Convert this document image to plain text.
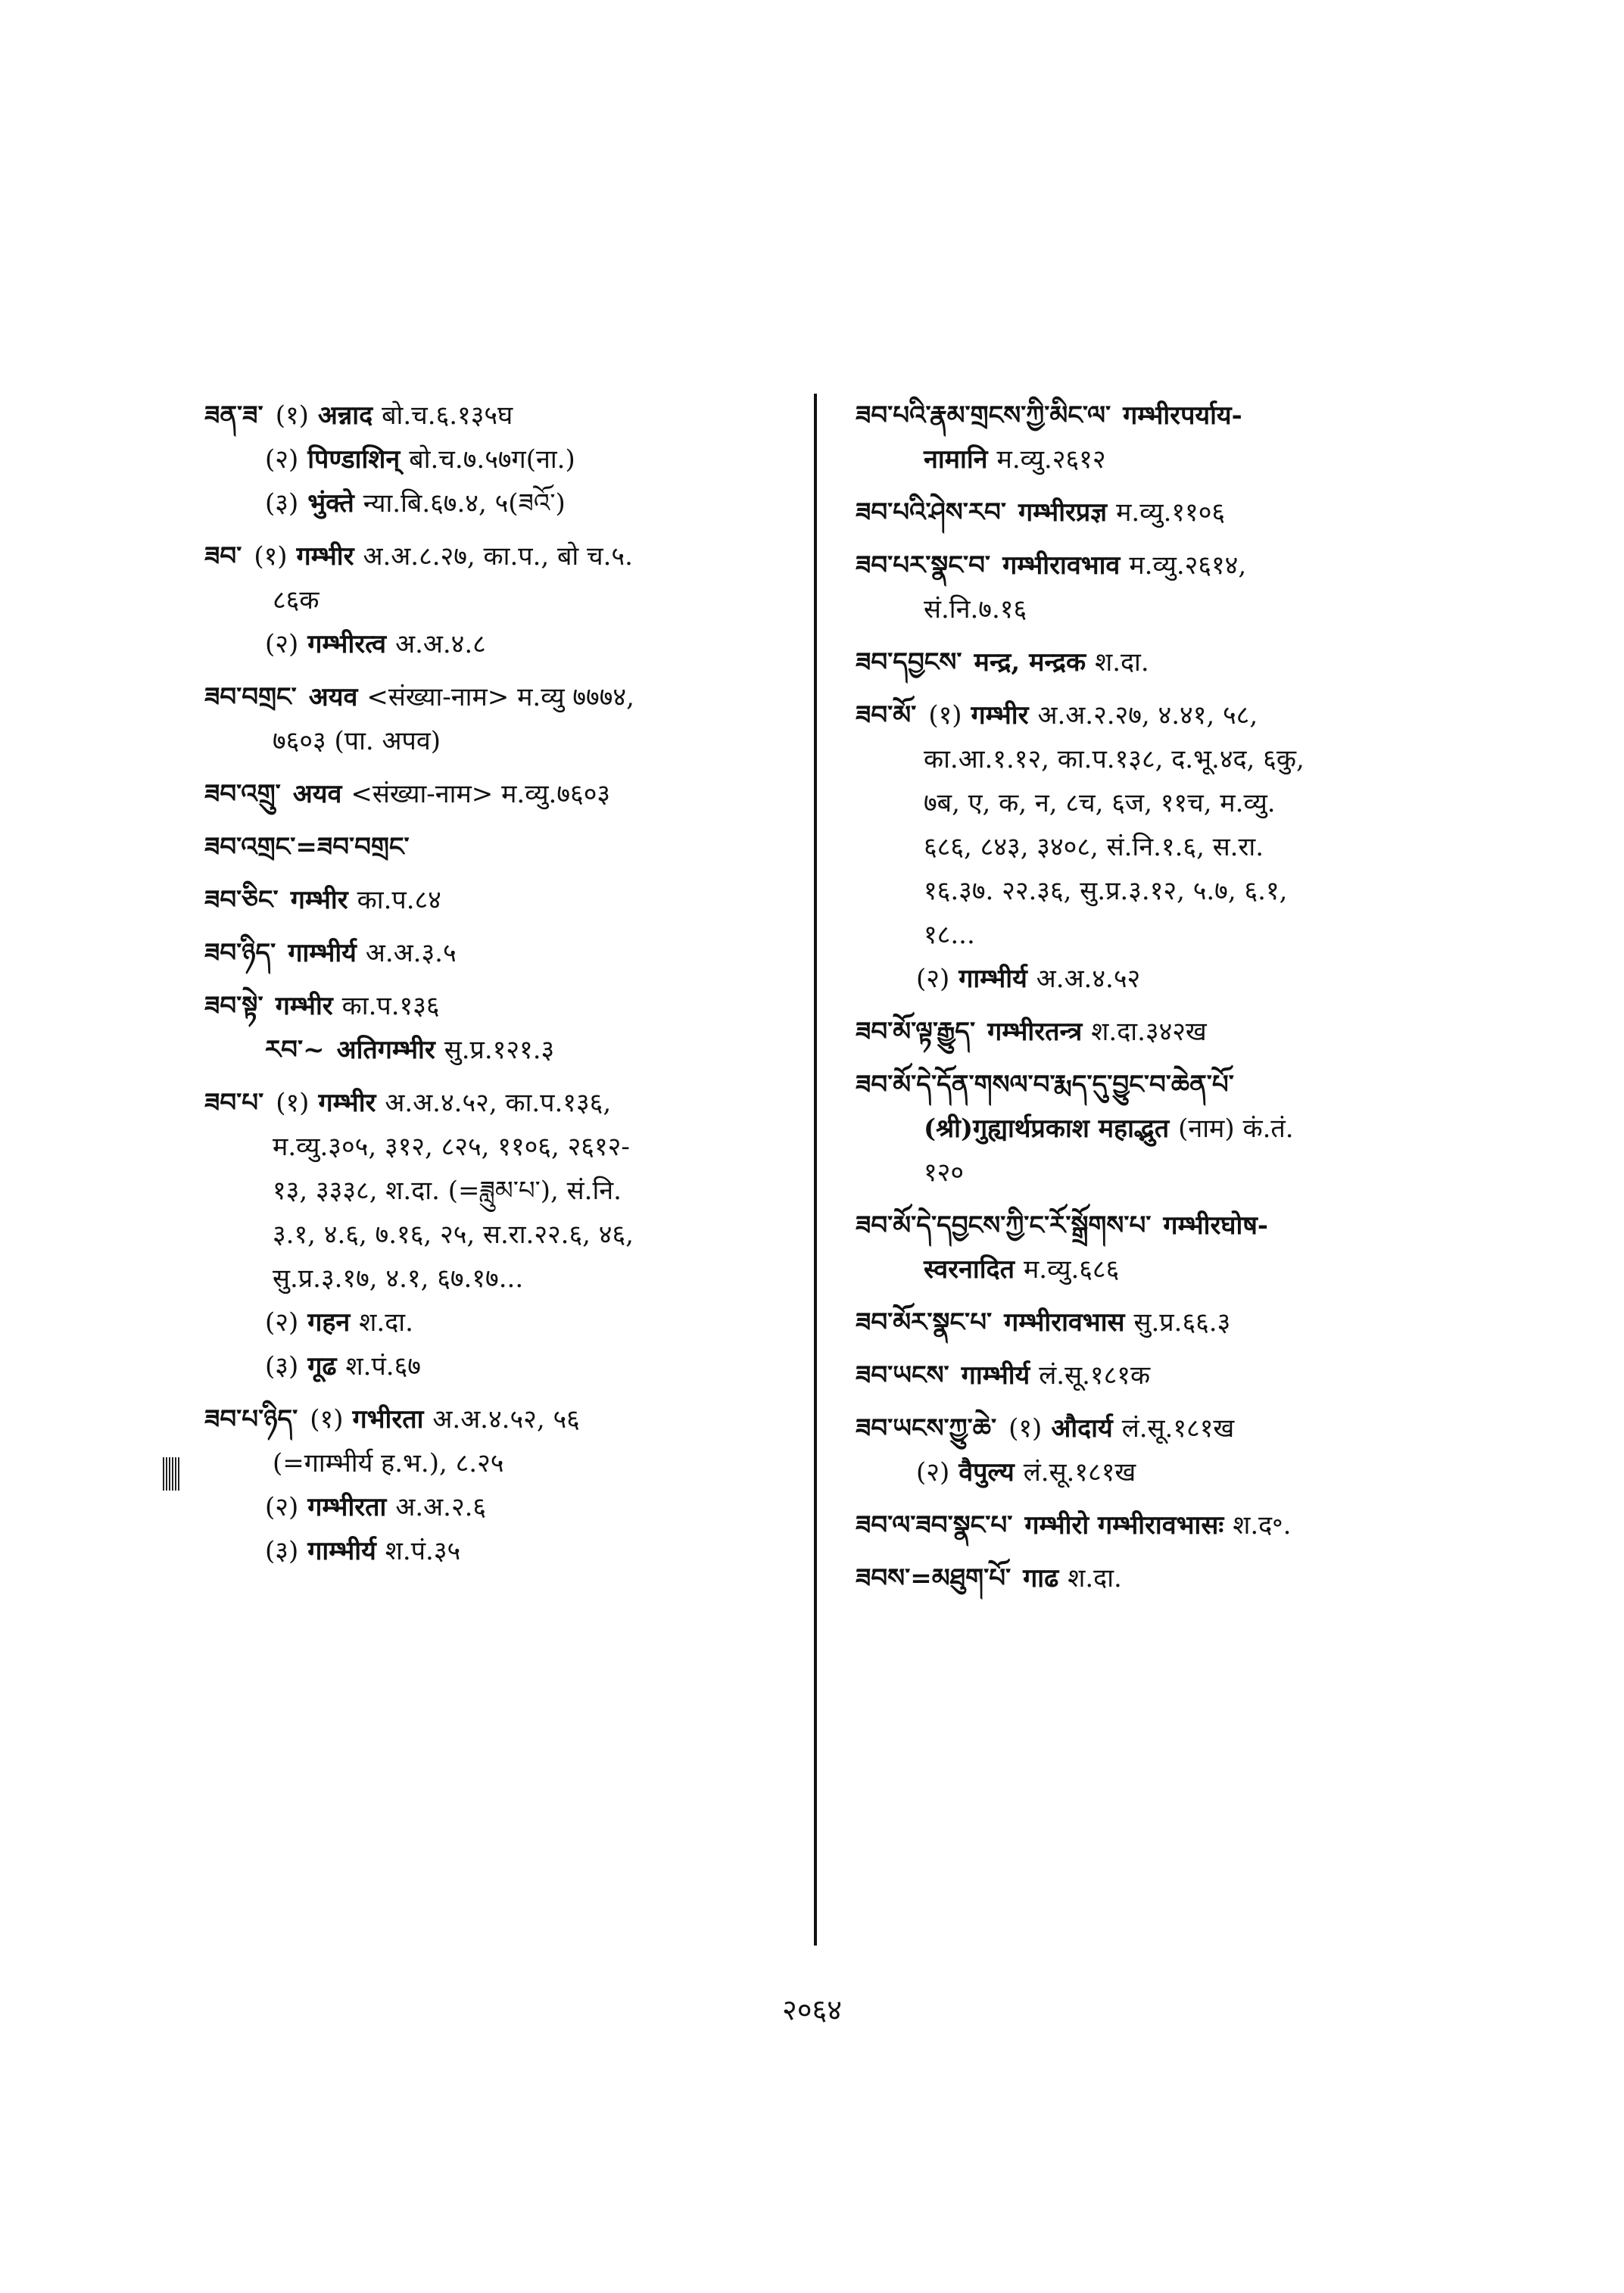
ཟན་ཟ་ (१) अन्नाद बो.च.६.१३५घ
(२) पिण्डाशिन् बो.च.७.५७ग(ना.)
(३) भुंक्ते न्या.बि.६७.४, ५(ཟའོ་)
ཟབ་ (१) गम्भीर अ.अ.८.२७, का.प., बो च.५.
८६क
(२) गम्भीरत्व अ.अ.४.८
ཟབ་བགྲང་ अयव <संख्या-नाम> म.व्यु ७७७४,
७६०३ (पा. अपव)
ཟབ་འགྲུ་ अयव <संख्या-नाम> म.व्यु.७६०३
ཟབ་འགྲང་=ཟབ་བགྲང་
ཟབ་ཅིང་ गम्भीर का.प.८४
ཟབ་ཉིད་ गाम्भीर्य अ.अ.३.५
ཟབ་སྟེ་ गम्भीर का.प.१३६
རབ་~ अतिगम्भीर सु.प्र.१२१.३
ཟབ་པ་ (१) गम्भीर अ.अ.४.५२, का.प.१३६,
म.व्यु.३०५, ३१२, ८२५, ११०६, २६१२-
१३, ३३३८, श.दा. (=ཟླུམ་པ་), सं.नि.
३.१, ४.६, ७.१६, २५, स.रा.२२.६, ४६,
सु.प्र.३.१७, ४.१, ६७.१७...
(२) गहन श.दा.
(३) गूढ श.पं.६७
ཟབ་པ་ཉིད་ (१) गभीरता अ.अ.४.५२, ५६
(=गाम्भीर्य ह.भ.), ८.२५
(२) गम्भीरता अ.अ.२.६
(३) गाम्भीर्य श.पं.३५
ཟབ་པའི་རྣམ་གྲངས་ཀྱི་མིང་ལ་ गम्भीरपर्याय-
नामानि म.व्यु.२६१२
ཟབ་པའི་ཤེས་རབ་ गम्भीरप्रज्ञ म.व्यु.११०६
ཟབ་པར་སྣང་བ་ गम्भीरावभाव म.व्यु.२६१४,
सं.नि.७.१६
ཟབ་དབྱངས་ मन्द्र, मन्द्रक श.दा.
ཟབ་མོ་ (१) गम्भीर अ.अ.२.२७, ४.४१, ५८,
का.आ.१.१२, का.प.१३८, द.भू.४द, ६कु,
७ब, ए, क, न, ८च, ६ज, ११च, म.व्यु.
६८६, ८४३, ३४०८, सं.नि.१.६, स.रा.
१६.३७. २२.३६, सु.प्र.३.१२, ५.७, ६.१,
१८...
(२) गाम्भीर्य अ.अ.४.५२
ཟབ་མོ་ལྟ་རྒྱུད་ गम्भीरतन्त्र श.दा.३४२ख
ཟབ་མོ་དེ་དོན་གསལ་བ་རྨད་དུ་བྱུང་བ་ཆེན་པོ་
(श्री)गुह्यार्थप्रकाश महाद्भुत (नाम) कं.तं.
१२०
ཟབ་མོ་དེ་དབྱངས་ཀྱི་ང་རོ་སྒྲོགས་པ་ गम्भीरघोष-
स्वरनादित म.व्यु.६८६
ཟབ་མོར་སྣང་པ་ गम्भीरावभास सु.प्र.६६.३
ཟབ་ཡངས་ गाम्भीर्य लं.सू.१८१क
ཟབ་ཡངས་ཀྱུ་ཆེ་ (१) औदार्य लं.सू.१८१ख
(२) वैपुल्य लं.सू.१८१ख
ཟབ་ལ་ཟབ་སྣང་པ་ गम्भीरो गम्भीरावभासः श.द॰.
ཟབས་=མཐུག་པོ་ गाढ श.दा.
२०६४
